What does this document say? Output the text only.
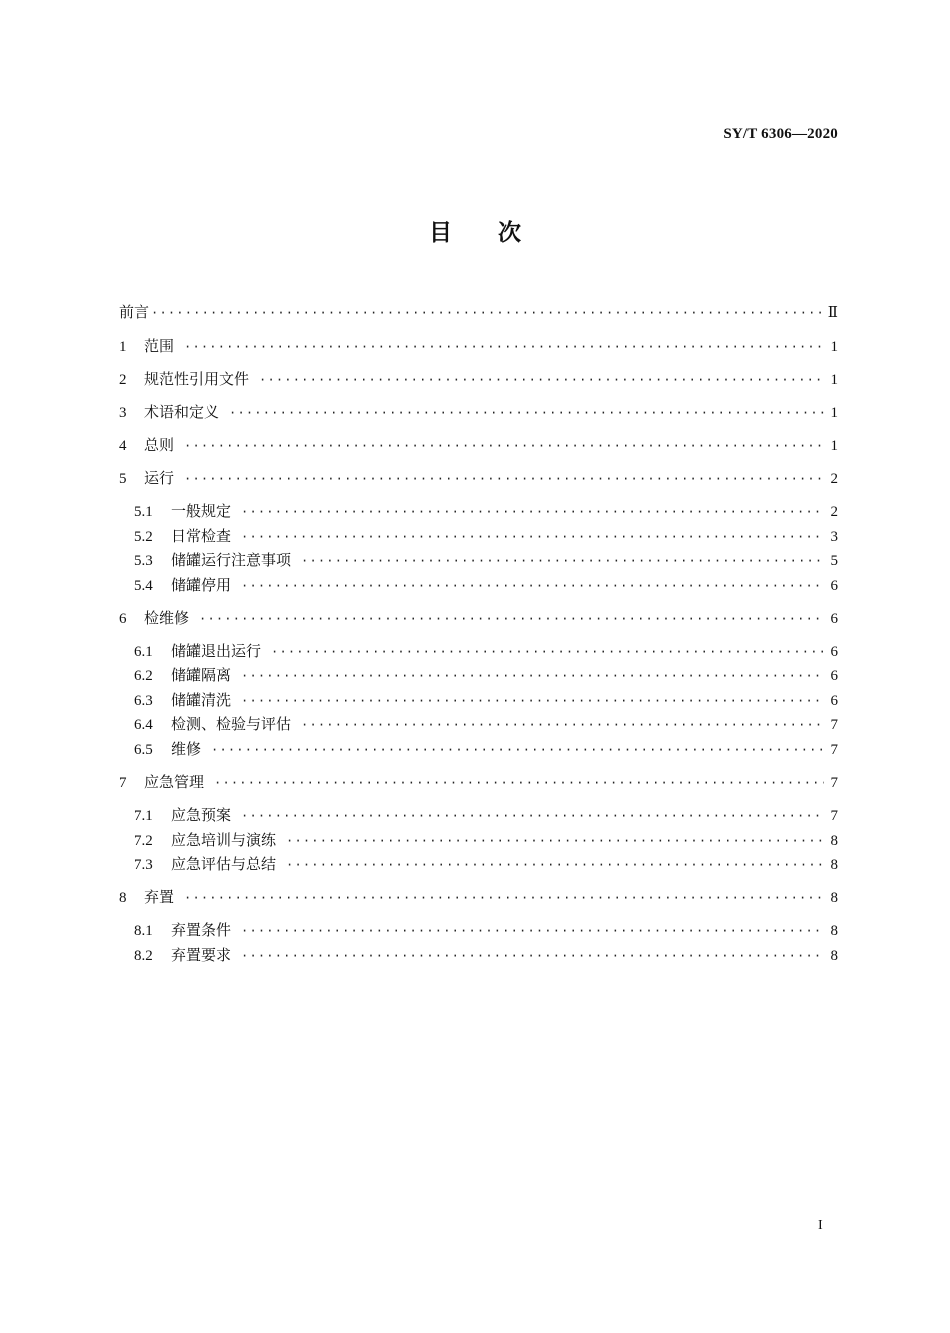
SY/T 6306—2020
目次
前言 ·····	Ⅱ
1	范围 ·····	1
2	规范性引用文件 ·····	1
3	术语和定义 ·····	1
4	总则 ·····	1
5	运行 ·····	2
5.1	一般规定 ·····	2
5.2	日常检查 ·····	3
5.3	储罐运行注意事项 ·····	5
5.4	储罐停用 ·····	6
6	检维修 ·····	6
6.1	储罐退出运行 ·····	6
6.2	储罐隔离 ·····	6
6.3	储罐清洗 ·····	6
6.4	检测、检验与评估 ·····	7
6.5	维修 ·····	7
7	应急管理 ·····	7
7.1	应急预案 ·····	7
7.2	应急培训与演练 ·····	8
7.3	应急评估与总结 ·····	8
8	弃置 ·····	8
8.1	弃置条件 ·····	8
8.2	弃置要求 ·····	8
I
